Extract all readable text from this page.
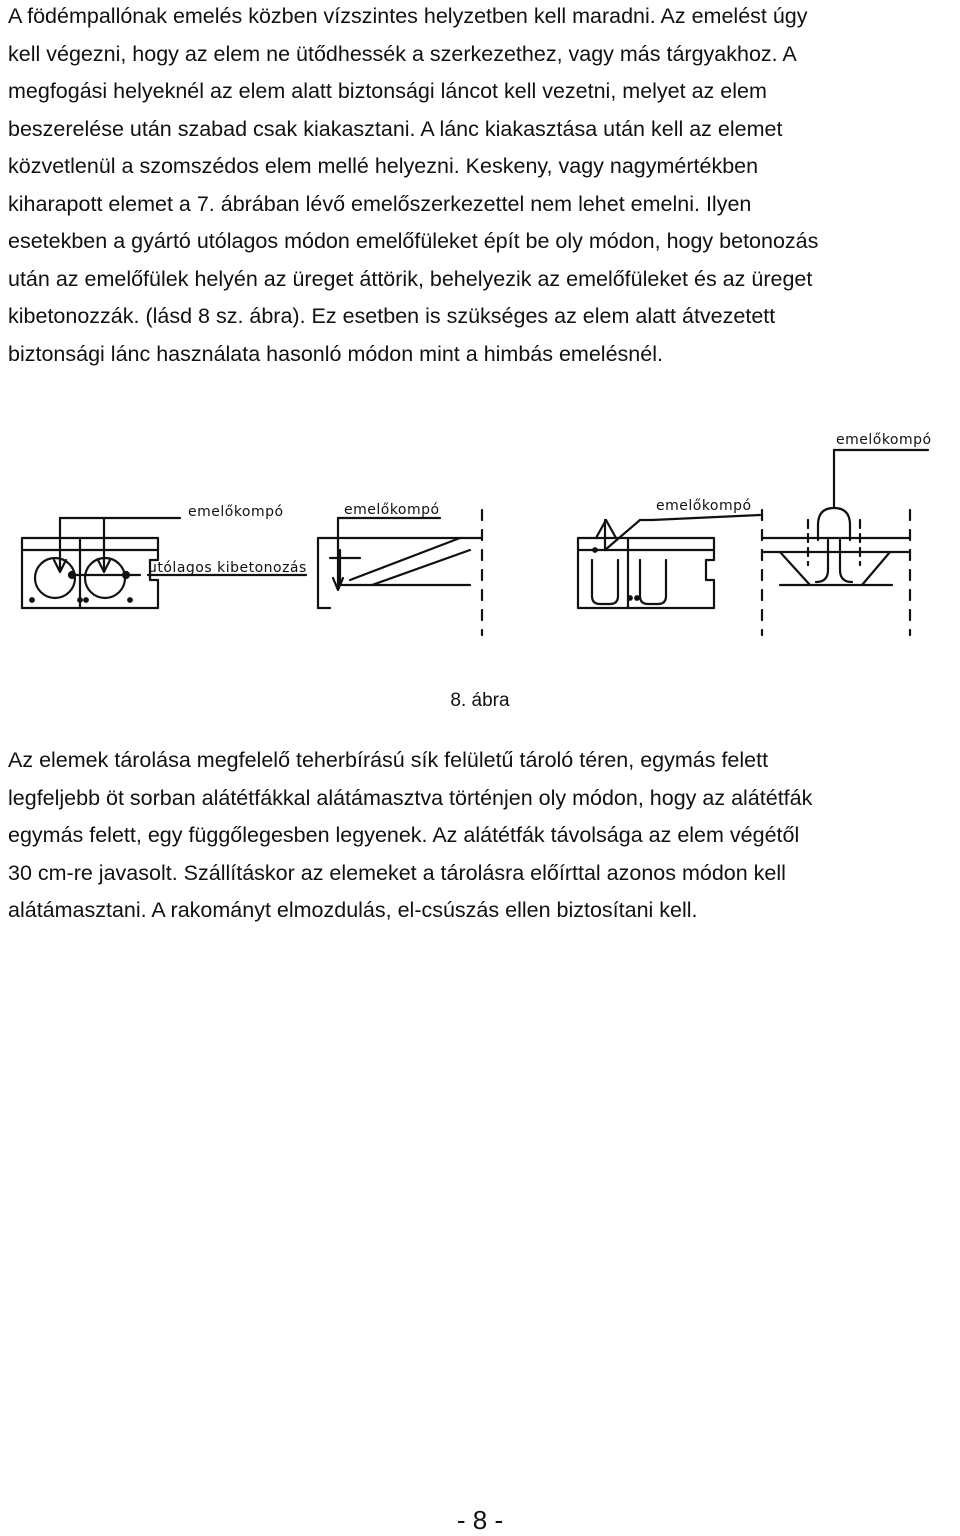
A födémpallónak emelés közben vízszintes helyzetben kell maradni. Az emelést úgy
kell végezni, hogy az elem ne ütődhessék a szerkezethez, vagy más tárgyakhoz. A
megfogási helyeknél az elem alatt biztonsági láncot kell vezetni, melyet az elem
beszerelése után szabad csak kiakasztani. A lánc kiakasztása után kell az elemet
közvetlenül a szomszédos elem mellé helyezni. Keskeny, vagy nagymértékben
kiharapott elemet a 7. ábrában lévő emelőszerkezettel nem lehet emelni. Ilyen
esetekben a gyártó utólagos módon emelőfüleket épít be oly módon, hogy betonozás
után az emelőfülek helyén az üreget áttörik, behelyezik az emelőfüleket és az üreget
kibetonozzák. (lásd 8 sz. ábra). Ez esetben is szükséges az elem alatt átvezetett
biztonsági lánc használata hasonló módon mint a himbás emelésnél.
emelőkompó
utólagos kibetonozás
emelőkompó	emelőkompó
emelőkompó
8. ábra
Az elemek tárolása megfelelő teherbírású sík felületű tároló téren, egymás felett
legfeljebb öt sorban alátétfákkal alátámasztva történjen oly módon, hogy az alátétfák
egymás felett, egy függőlegesben legyenek. Az alátétfák távolsága az elem végétől
30 cm-re javasolt. Szállításkor az elemeket a tárolásra előírttal azonos módon kell
alátámasztani. A rakományt elmozdulás, el-csúszás ellen biztosítani kell.
- 8 -
